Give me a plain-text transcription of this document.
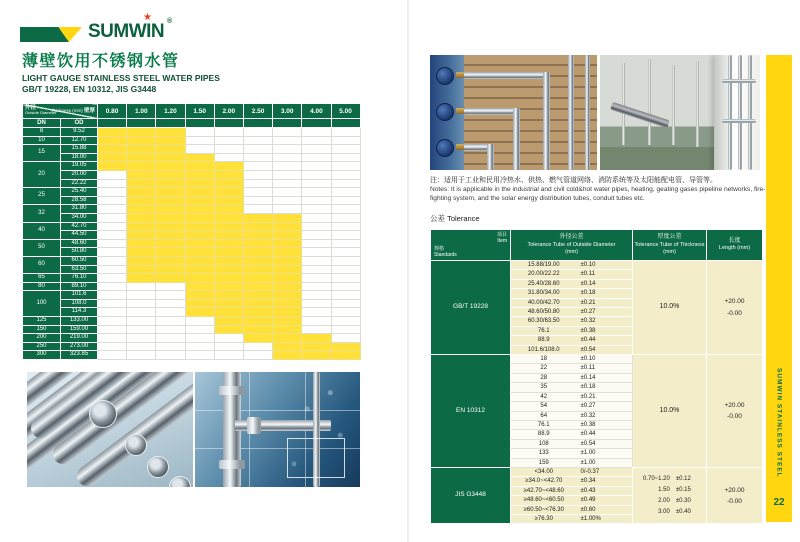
SUMWIN
★ ®
薄壁饮用不锈钢水管
LIGHT GAUGE STAINLESS STEEL WATER PIPES
GB/T 19228, EN 10312, JIS G3448
外径
Outside Diameter
Thickness (mm) 壁厚		0.80	1.00	1.20	1.50	2.00	2.50	3.00	4.00	5.00
DN	OD									
8	9.52									
10	12.70									
15	15.88									
	18.00									
20	19.05									
	20.00									
	22.22									
25	25.40									
	28.58									
32	31.80									
	34.00									
40	42.70									
	44.50									
50	48.60									
	50.80									
60	60.50									
	63.50									
65	76.10									
80	89.10									
100	101.6									
	108.0									
	114.3									
125	133.00									
150	159.00									
200	219.00									
250	273.00									
300	323.85									
注：适用于工业和民用冷热水、供热、燃气管道网络、消防系统等及太阳能配电管、导管等。
Notes: It is applicable in the industrial and civil cold&hot water pipes, heating, geating gases pipeline networks, fire-fighting system, and the solar energy distribution tubes, conduit tubes etc.
公差 Tolerance
项目
Item
规格
Standards

外径公差
Tolerance Tube of Outside Diameter
(mm)

厚度公差
Tolerance Tube of Thickness
(mm)

长度
Length (mm)

GB/T 19228	
15.88/19.00	±0.10
	10.0%	
+20.00
-0.00

	20.00/22.22 ±0.11		

	25.40/28.60 ±0.14		

	31.80/34.00 ±0.18		

	40.00/42.70 ±0.21		

	48.60/50.80 ±0.27		

	60.30/63.50 ±0.32		

	76.1 ±0.38		

	88.9 ±0.44		

	101.6/108.0 ±0.54		

EN 10312	
18	±0.10
	10.0%	
+20.00
-0.00

	22 ±0.11		

	28 ±0.14		

	35 ±0.18		

	42 ±0.21		

	54 ±0.27		

	64 ±0.32		

	76.1 ±0.38		

	88.9 ±0.44		

	108 ±0.54		

	133 ±1.00		

	159 ±1.00		

JIS G3448	
<34.00	0/-0.37

0.70~1.20	±0.12
1.50	±0.15
2.00	±0.30
3.00	±0.40

+20.00
-0.00

	≥34.0~<42.70 ±0.34		

	≥42.70~<48.60 ±0.43		

	≥48.60~<60.50 ±0.49		

	≥60.50~<76.30 ±0.60		

	≥76.30 ±1.00%		
SUMWIN STAINLESS STEEL
22
